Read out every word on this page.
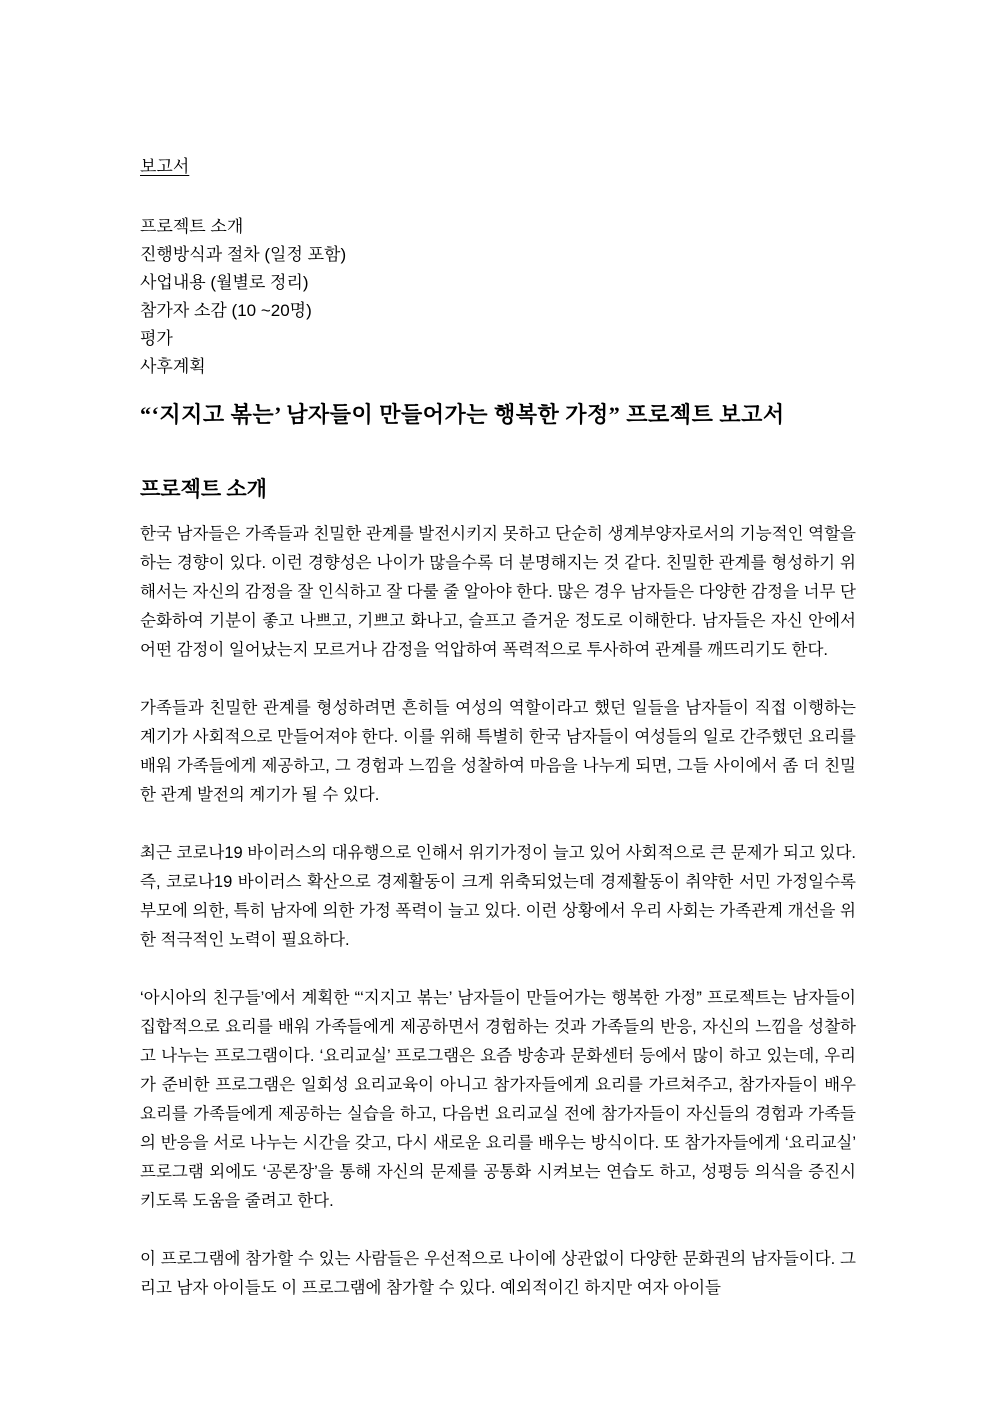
보고서
프로젝트 소개
진행방식과 절차 (일정 포함)
사업내용 (월별로 정리)
참가자 소감 (10 ~20명)
평가
사후계획
“‘지지고 볶는’ 남자들이 만들어가는 행복한 가정” 프로젝트 보고서
프로젝트 소개

한국 남자들은 가족들과 친밀한 관계를 발전시키지 못하고 단순히 생계부양자로서의 기능적인 역할을 하는 경향이 있다. 이런 경향성은 나이가 많을수록 더 분명해지는 것 같다. 친밀한 관계를 형성하기 위해서는 자신의 감정을 잘 인식하고 잘 다룰 줄 알아야 한다. 많은 경우 남자들은 다양한 감정을 너무 단순화하여 기분이 좋고 나쁘고, 기쁘고 화나고, 슬프고 즐거운 정도로 이해한다. 남자들은 자신 안에서 어떤 감정이 일어났는지 모르거나 감정을 억압하여 폭력적으로 투사하여 관계를 깨뜨리기도 한다.

가족들과 친밀한 관계를 형성하려면 흔히들 여성의 역할이라고 했던 일들을 남자들이 직접 이행하는 계기가 사회적으로 만들어져야 한다. 이를 위해 특별히 한국 남자들이 여성들의 일로 간주했던 요리를 배워 가족들에게 제공하고, 그 경험과 느낌을 성찰하여 마음을 나누게 되면, 그들 사이에서 좀 더 친밀한 관계 발전의 계기가 될 수 있다.

최근 코로나19 바이러스의 대유행으로 인해서 위기가정이 늘고 있어 사회적으로 큰 문제가 되고 있다. 즉, 코로나19 바이러스 확산으로 경제활동이 크게 위축되었는데 경제활동이 취약한 서민 가정일수록 부모에 의한, 특히 남자에 의한 가정 폭력이 늘고 있다. 이런 상황에서 우리 사회는 가족관계 개선을 위한 적극적인 노력이 필요하다.

‘아시아의 친구들’에서 계획한 “‘지지고 볶는’ 남자들이 만들어가는 행복한 가정” 프로젝트는 남자들이 집합적으로 요리를 배워 가족들에게 제공하면서 경험하는 것과 가족들의 반응, 자신의 느낌을 성찰하고 나누는 프로그램이다. ‘요리교실’ 프로그램은 요즘 방송과 문화센터 등에서 많이 하고 있는데, 우리가 준비한 프로그램은 일회성 요리교육이 아니고 참가자들에게 요리를 가르쳐주고, 참가자들이 배우 요리를 가족들에게 제공하는 실습을 하고, 다음번 요리교실 전에 참가자들이 자신들의 경험과 가족들의 반응을 서로 나누는 시간을 갖고, 다시 새로운 요리를 배우는 방식이다. 또 참가자들에게 ‘요리교실’ 프로그램 외에도 ‘공론장’을 통해 자신의 문제를 공통화 시켜보는 연습도 하고, 성평등 의식을 증진시키도록 도움을 줄려고 한다.

이 프로그램에 참가할 수 있는 사람들은 우선적으로 나이에 상관없이 다양한 문화권의 남자들이다. 그리고 남자 아이들도 이 프로그램에 참가할 수 있다. 예외적이긴 하지만 여자 아이들
